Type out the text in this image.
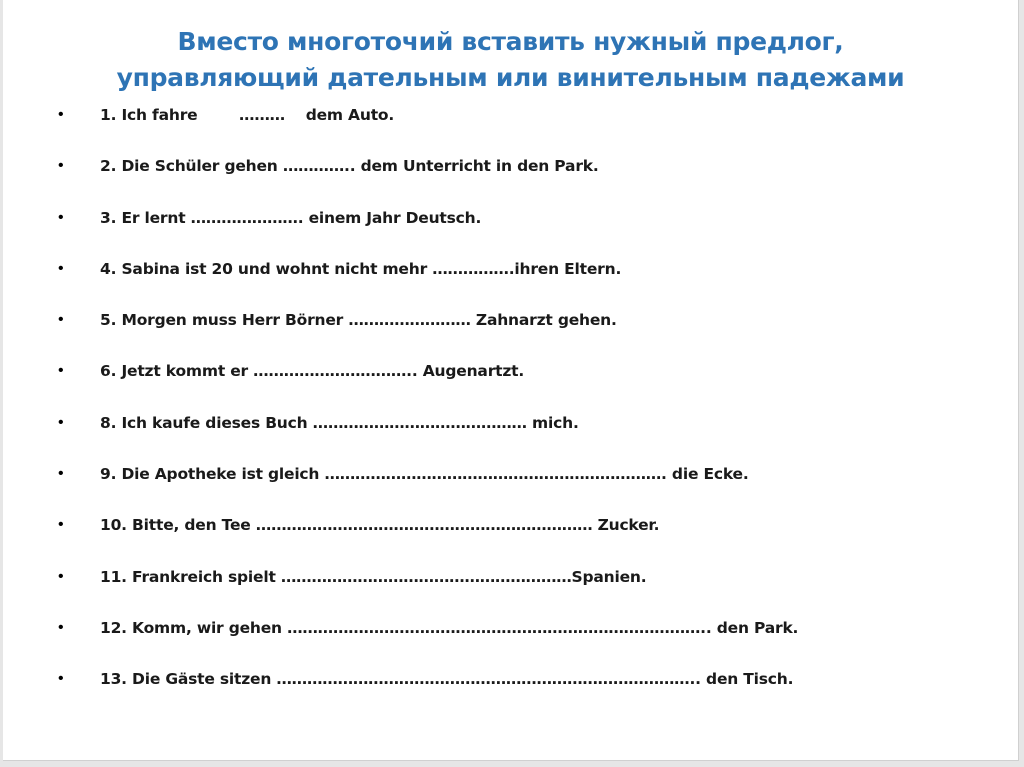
Вместо многоточий вставить нужный предлог,
управляющий дательным или винительным падежами
• 1. Ich fahre        ………    dem Auto.
• 2. Die Schüler gehen ………….. dem Unterricht in den Park.
• 3. Er lernt …………………. einem Jahr Deutsch.
• 4. Sabina ist 20 und wohnt nicht mehr …………….ihren Eltern.
• 5. Morgen muss Herr Börner …………………… Zahnarzt gehen.
• 6. Jetzt kommt er ………………………….. Augenartzt.
• 8. Ich kaufe dieses Buch …………………………………… mich.
• 9. Die Apotheke ist gleich …………………………………………………………. die Ecke.
• 10. Bitte, den Tee ………………………………………………………… Zucker.
• 11. Frankreich spielt …………………………………………………Spanien.
• 12. Komm, wir gehen ……………………………………………………………………….. den Park.
• 13. Die Gäste sitzen ……………………………………………………………………….. den Tisch.
